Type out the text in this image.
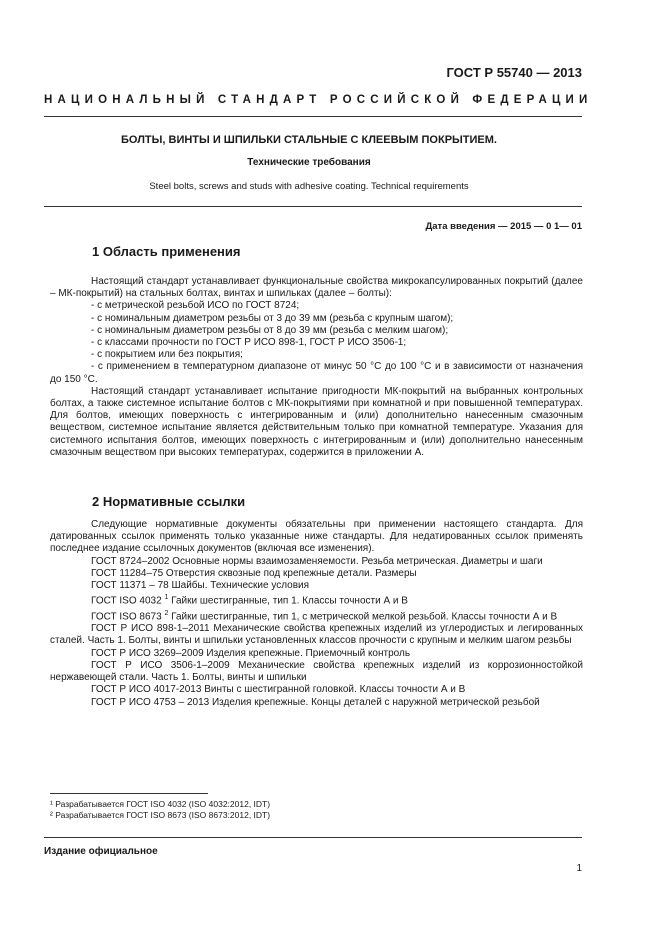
ГОСТ Р 55740 — 2013
НАЦИОНАЛЬНЫЙ СТАНДАРТ РОССИЙСКОЙ ФЕДЕРАЦИИ
БОЛТЫ, ВИНТЫ И ШПИЛЬКИ СТАЛЬНЫЕ С КЛЕЕВЫМ ПОКРЫТИЕМ.
Технические требования
Steel bolts, screws and studs with adhesive coating. Technical requirements
Дата введения — 2015 — 0 1— 01
1 Область применения

Настоящий стандарт устанавливает функциональные свойства микрокапсулированных покрытий (далее – МК-покрытий) на стальных болтах, винтах и шпильках (далее – болты):

- с метрической резьбой ИСО по ГОСТ 8724;

- с номинальным диаметром резьбы от 3 до 39 мм (резьба с крупным шагом);

- с номинальным диаметром резьбы от 8 до 39 мм (резьба с мелким шагом);

- с классами прочности по ГОСТ Р ИСО 898-1, ГОСТ Р ИСО 3506-1;

- с покрытием или без покрытия;

- с применением в температурном диапазоне от минус 50 °С до 100 °С и в зависимости от назначения до 150 °С.

Настоящий стандарт устанавливает испытание пригодности МК-покрытий на выбранных контрольных болтах, а также системное испытание болтов с МК-покрытиями при комнатной и при повышенной температурах. Для болтов, имеющих поверхность с интегрированным и (или) дополнительно нанесенным смазочным веществом, системное испытание является действительным только при комнатной температуре. Указания для системного испытания болтов, имеющих поверхность с интегрированным и (или) дополнительно нанесенным смазочным веществом при высоких температурах, содержится в приложении А.

2 Нормативные ссылки

Следующие нормативные документы обязательны при применении настоящего стандарта. Для датированных ссылок применять только указанные ниже стандарты. Для недатированных ссылок применять последнее издание ссылочных документов (включая все изменения).

ГОСТ 8724–2002 Основные нормы взаимозаменяемости. Резьба метрическая. Диаметры и шаги

ГОСТ 11284–75 Отверстия сквозные под крепежные детали. Размеры

ГОСТ 11371 – 78 Шайбы. Технические условия

ГОСТ ISO 4032 $^1$ Гайки шестигранные, тип 1. Классы точности А и В

ГОСТ ISO 8673 $^2$ Гайки шестигранные, тип 1, с метрической мелкой резьбой. Классы точности А и В

ГОСТ Р ИСО 898-1–2011 Механические свойства крепежных изделий из углеродистых и легированных сталей. Часть 1. Болты, винты и шпильки установленных классов прочности с крупным и мелким шагом резьбы

ГОСТ Р ИСО 3269–2009 Изделия крепежные. Приемочный контроль

ГОСТ Р ИСО 3506-1–2009 Механические свойства крепежных изделий из коррозионностойкой нержавеющей стали. Часть 1. Болты, винты и шпильки

ГОСТ Р ИСО 4017-2013 Винты с шестигранной головкой. Классы точности А и В

ГОСТ Р ИСО 4753 – 2013 Изделия крепежные. Концы деталей с наружной метрической резьбой

¹ Разрабатывается ГОСТ ISO 4032 (ISO 4032:2012, IDT)
² Разрабатывается ГОСТ ISO 8673 (ISO 8673:2012, IDT)
Издание официальное
1
